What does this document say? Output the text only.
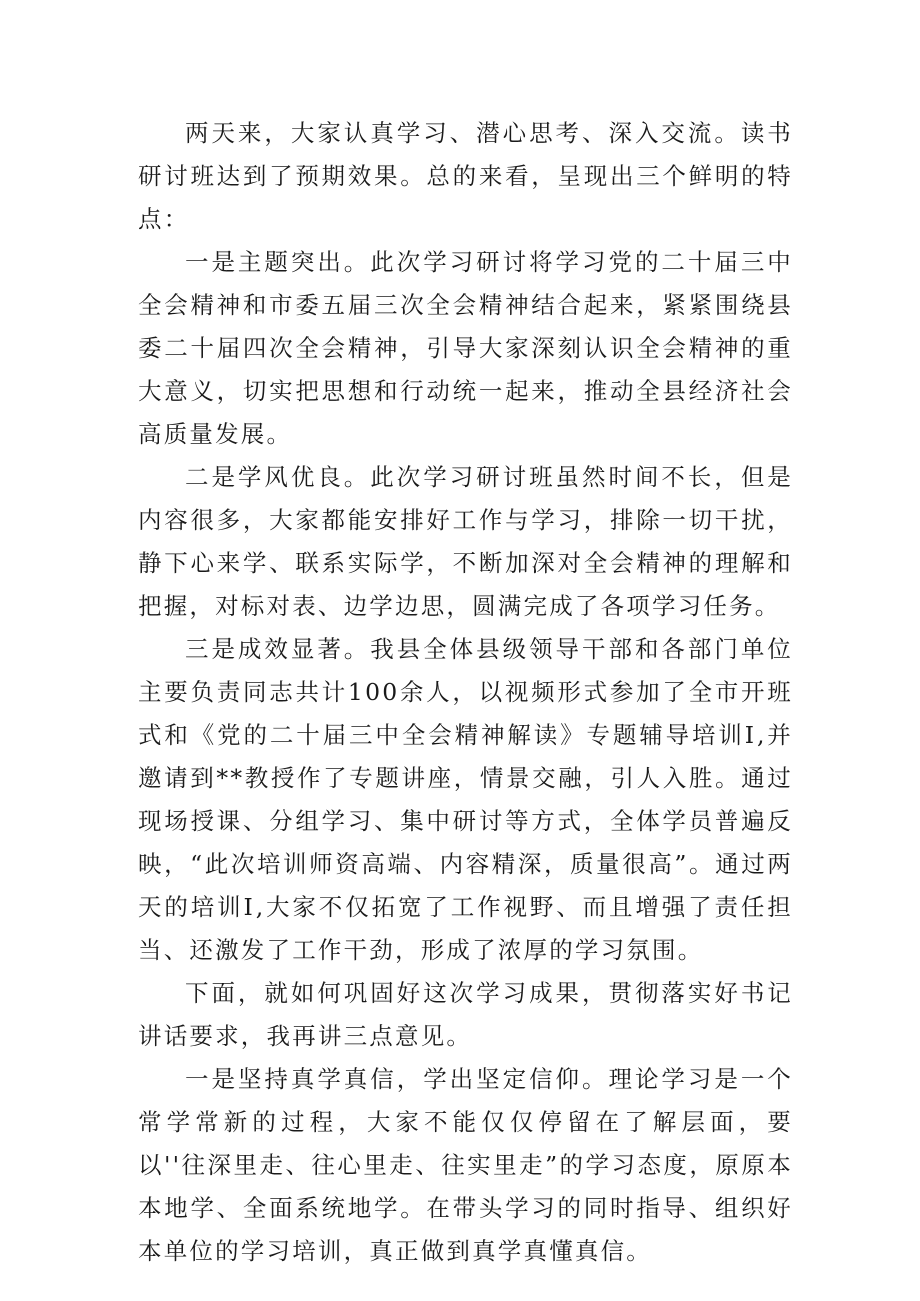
两天来，大家认真学习、潜心思考、深入交流。读书研讨班达到了预期效果。总的来看，呈现出三个鲜明的特点：

一是主题突出。此次学习研讨将学习党的二十届三中全会精神和市委五届三次全会精神结合起来，紧紧围绕县委二十届四次全会精神，引导大家深刻认识全会精神的重大意义，切实把思想和行动统一起来，推动全县经济社会高质量发展。

二是学风优良。此次学习研讨班虽然时间不长，但是内容很多，大家都能安排好工作与学习，排除一切干扰，静下心来学、联系实际学，不断加深对全会精神的理解和把握，对标对表、边学边思，圆满完成了各项学习任务。

三是成效显著。我县全体县级领导干部和各部门单位主要负责同志共计100余人，以视频形式参加了全市开班式和《党的二十届三中全会精神解读》专题辅导培训Ⅰ,并邀请到**教授作了专题讲座，情景交融，引人入胜。通过现场授课、分组学习、集中研讨等方式，全体学员普遍反映，“此次培训师资高端、内容精深，质量很高”。通过两天的培训Ⅰ,大家不仅拓宽了工作视野、而且增强了责任担当、还激发了工作干劲，形成了浓厚的学习氛围。

下面，就如何巩固好这次学习成果，贯彻落实好书记讲话要求，我再讲三点意见。

一是坚持真学真信，学出坚定信仰。理论学习是一个常学常新的过程，大家不能仅仅停留在了解层面，要以''往深里走、往心里走、往实里走”的学习态度，原原本本地学、全面系统地学。在带头学习的同时指导、组织好本单位的学习培训，真正做到真学真懂真信。
